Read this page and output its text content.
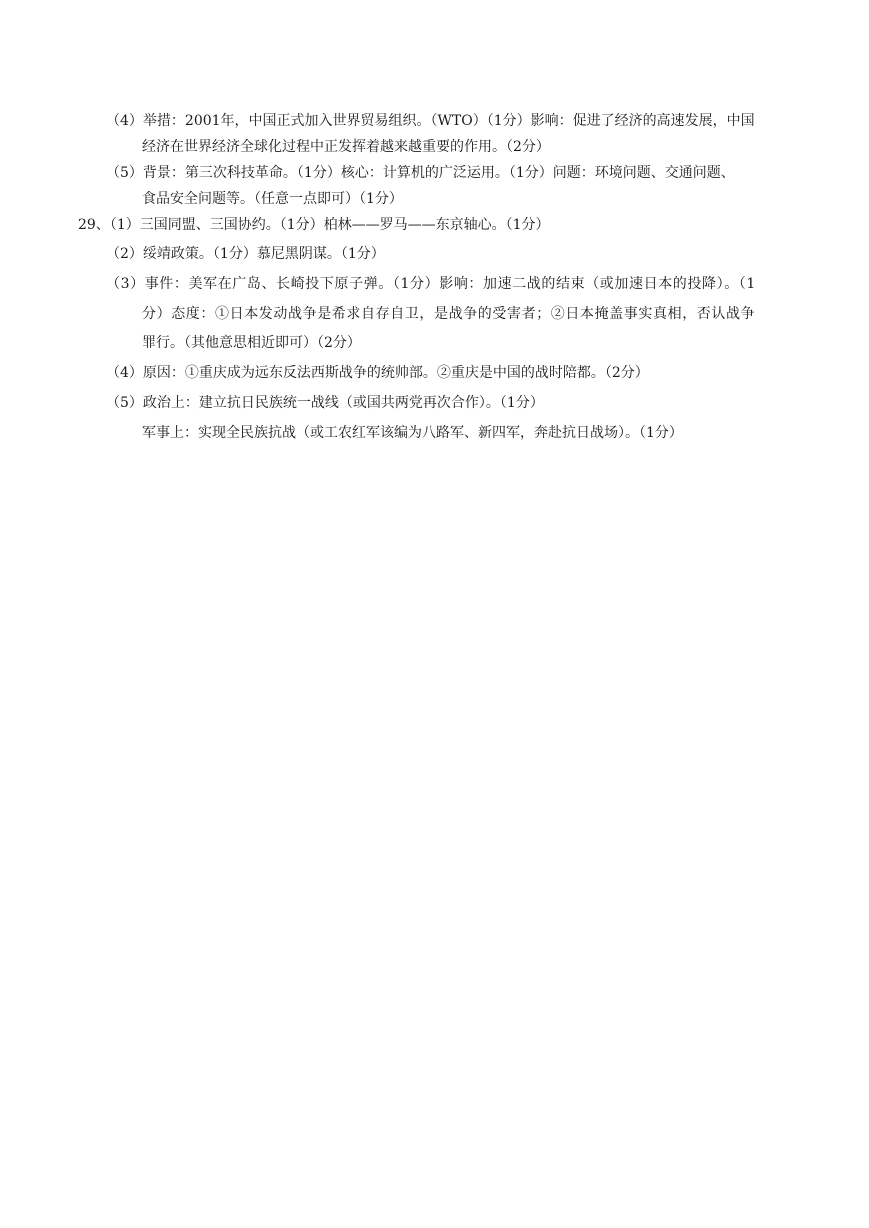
（4）举措：2001年，中国正式加入世界贸易组织。（WTO）（1分）影响：促进了经济的高速发展，中国
经济在世界经济全球化过程中正发挥着越来越重要的作用。（2分）
（5）背景：第三次科技革命。（1分）核心：计算机的广泛运用。（1分）问题：环境问题、交通问题、
食品安全问题等。（任意一点即可）（1分）
29、（1）三国同盟、三国协约。（1分）柏林——罗马——东京轴心。（1分）
（2）绥靖政策。（1分）慕尼黑阴谋。（1分）
（3）事件：美军在广岛、长崎投下原子弹。（1分）影响：加速二战的结束（或加速日本的投降）。（1
分）态度：①日本发动战争是希求自存自卫，是战争的受害者；②日本掩盖事实真相，否认战争
罪行。（其他意思相近即可）（2分）
（4）原因：①重庆成为远东反法西斯战争的统帅部。②重庆是中国的战时陪都。（2分）
（5）政治上：建立抗日民族统一战线（或国共两党再次合作）。（1分）
军事上：实现全民族抗战（或工农红军该编为八路军、新四军，奔赴抗日战场）。（1分）
